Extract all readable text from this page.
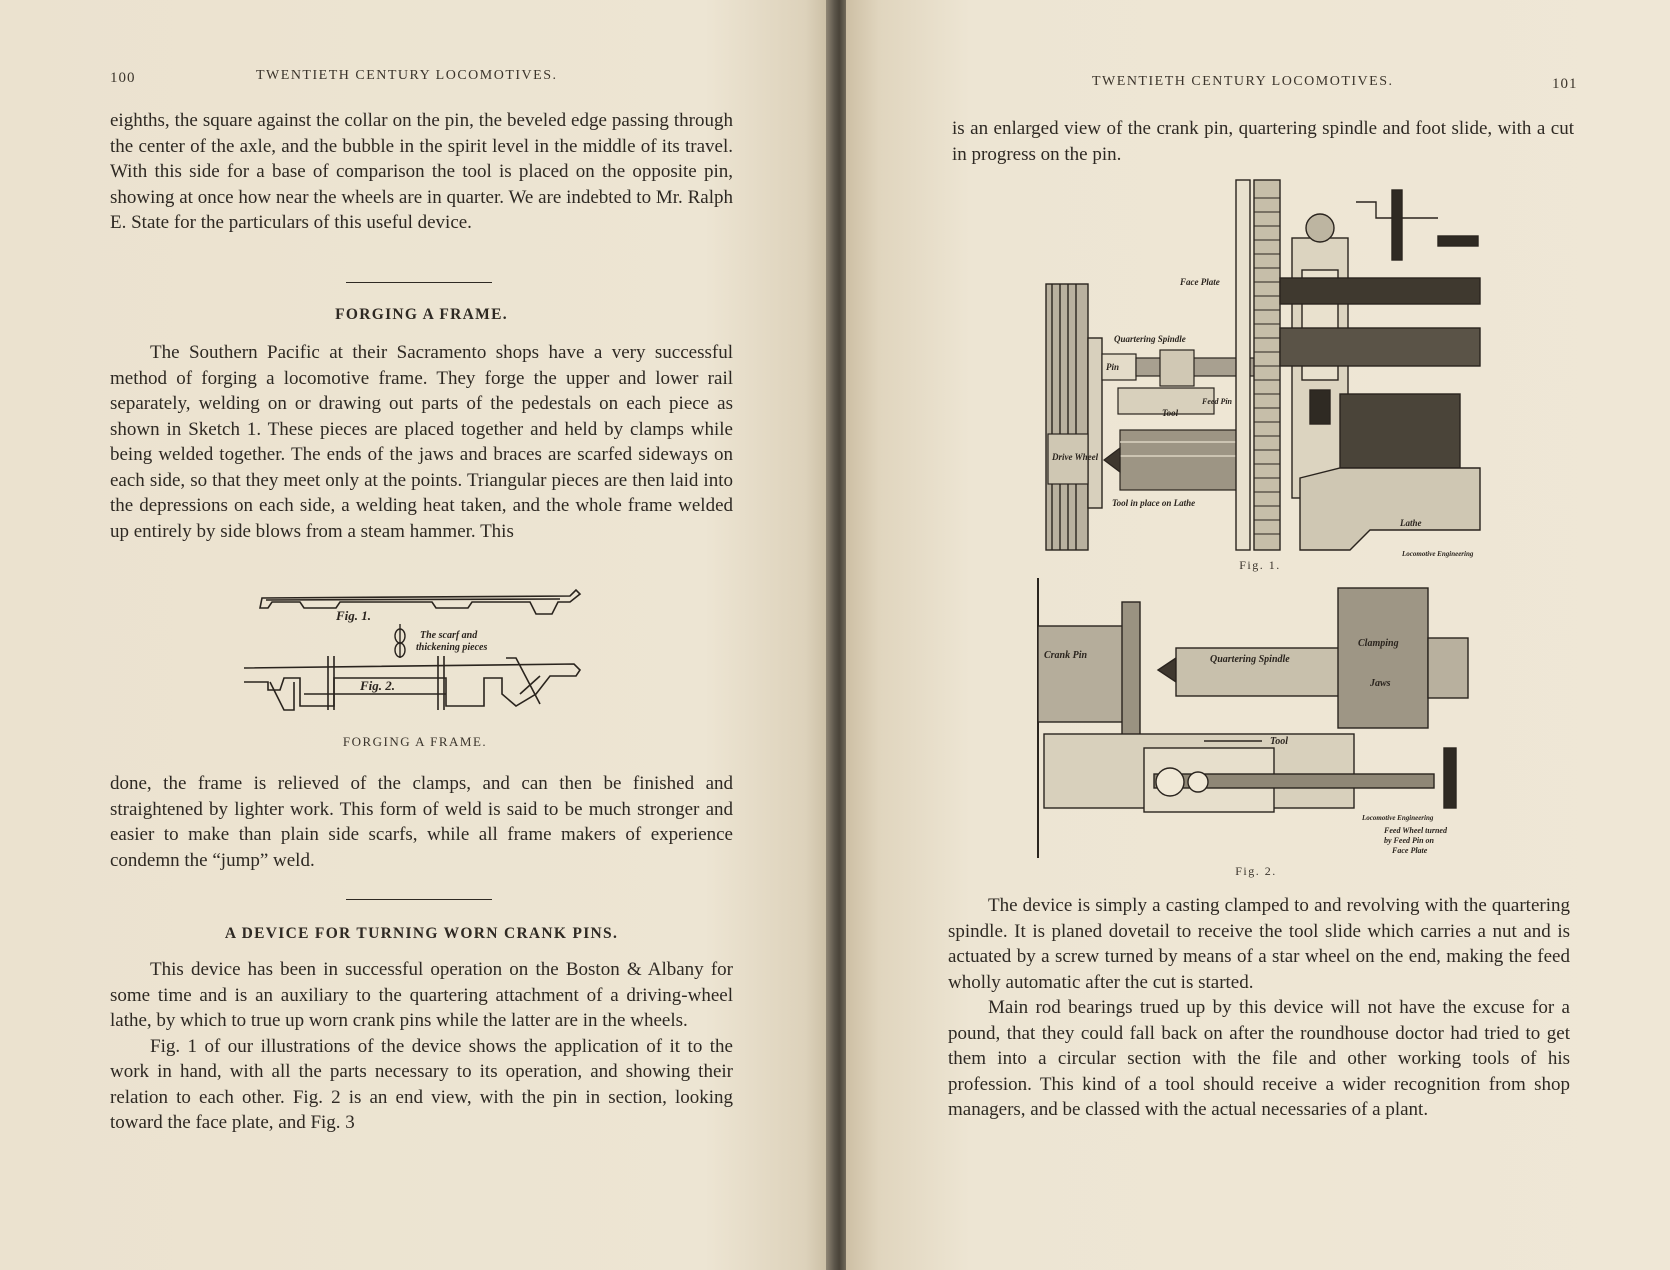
100	TWENTIETH CENTURY LOCOMOTIVES.

eighths, the square against the collar on the pin, the beveled edge passing through the center of the axle, and the bubble in the spirit level in the middle of its travel. With this side for a base of comparison the tool is placed on the opposite pin, showing at once how near the wheels are in quarter. We are indebted to Mr. Ralph E. State for the particulars of this useful device.

FORGING A FRAME.

The Southern Pacific at their Sacramento shops have a very successful method of forging a locomotive frame. They forge the upper and lower rail separately, welding on or drawing out parts of the pedestals on each piece as shown in Sketch 1. These pieces are placed together and held by clamps while being welded together. The ends of the jaws and braces are scarfed sideways on each side, so that they meet only at the points. Triangular pieces are then laid into the depressions on each side, a welding heat taken, and the whole frame welded up entirely by side blows from a steam hammer. This

Fig. 1.
The scarf and
thickening pieces
Fig. 2.
FORGING A FRAME.

done, the frame is relieved of the clamps, and can then be finished and straightened by lighter work. This form of weld is said to be much stronger and easier to make than plain side scarfs, while all frame makers of experience condemn the “jump” weld.

A DEVICE FOR TURNING WORN CRANK PINS.

This device has been in successful operation on the Boston & Albany for some time and is an auxiliary to the quartering attachment of a driving-wheel lathe, by which to true up worn crank pins while the latter are in the wheels.

Fig. 1 of our illustrations of the device shows the application of it to the work in hand, with all the parts necessary to its operation, and showing their relation to each other. Fig. 2 is an end view, with the pin in section, looking toward the face plate, and Fig. 3

TWENTIETH CENTURY LOCOMOTIVES.	101

is an enlarged view of the crank pin, quartering spindle and foot slide, with a cut in progress on the pin.

Face Plate
Quartering Spindle
Pin
Feed Pin
Tool
Drive Wheel
Tool in place on Lathe
Lathe
Locomotive Engineering
Fig. 1.
Crank Pin	Quartering Spindle
Clamping
Jaws
Tool
Locomotive Engineering
Feed Wheel turned
by Feed Pin on
Face Plate
Fig. 2.

The device is simply a casting clamped to and revolving with the quartering spindle. It is planed dovetail to receive the tool slide which carries a nut and is actuated by a screw turned by means of a star wheel on the end, making the feed wholly automatic after the cut is started.

Main rod bearings trued up by this device will not have the excuse for a pound, that they could fall back on after the roundhouse doctor had tried to get them into a circular section with the file and other working tools of his profession. This kind of a tool should receive a wider recognition from shop managers, and be classed with the actual necessaries of a plant.
